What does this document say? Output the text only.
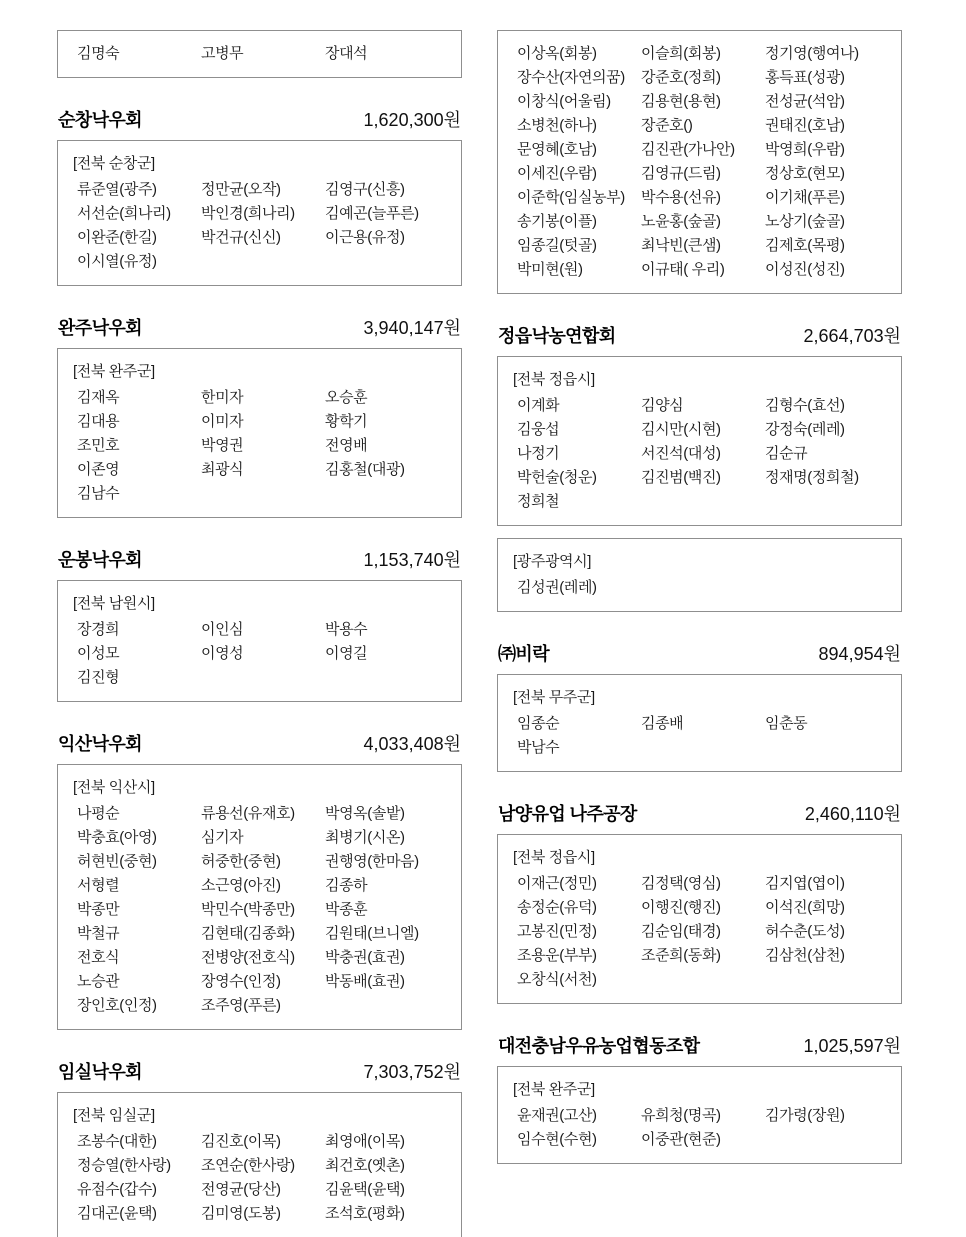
김명숙	고병무	장대석
순창낙우회	1,620,300원
[전북 순창군]
류준열(광주)	정만균(오작)	김영구(신흥)
서선순(희나리)	박인경(희나리)	김예곤(늘푸른)
이완준(한길)	박건규(신신)	이근용(유정)
이시열(유정)
완주낙우회	3,940,147원
[전북 완주군]
김재옥	한미자	오승훈
김대용	이미자	황학기
조민호	박영권	전영배
이존영	최광식	김홍철(대광)
김남수
운봉낙우회	1,153,740원
[전북 남원시]
장경희	이인심	박용수
이성모	이영성	이영길
김진형
익산낙우회	4,033,408원
[전북 익산시]
나평순	류용선(유재호)	박영옥(솔밭)
박충효(아영)	심기자	최병기(시온)
허현빈(중현)	허중한(중현)	권행영(한마음)
서형렬	소근영(아진)	김종하
박종만	박민수(박종만)	박종훈
박철규	김현태(김종화)	김원태(브니엘)
전호식	전병양(전호식)	박충권(효권)
노승관	장영수(인정)	박동배(효권)
장인호(인정)	조주영(푸른)
임실낙우회	7,303,752원
[전북 임실군]
조봉수(대한)	김진호(이목)	최영애(이목)
정승열(한사랑)	조연순(한사랑)	최건호(옛촌)
유점수(갑수)	전영균(당산)	김윤택(윤택)
김대곤(윤택)	김미영(도봉)	조석호(평화)
이상옥(회봉)	이슬희(회봉)	정기영(행여나)
장수산(자연의꿈)	강준호(정희)	홍득표(성광)
이창식(어울림)	김용현(용현)	전성균(석암)
소병천(하나)	장준호()	권태진(호남)
문영혜(호남)	김진관(가나안)	박영희(우람)
이세진(우람)	김영규(드림)	정상호(현모)
이준학(임실농부)	박수용(선유)	이기채(푸른)
송기봉(이플)	노윤홍(숲골)	노상기(숲골)
임종길(텃골)	최낙빈(큰샘)	김제호(목평)
박미현(원)	이규태( 우리)	이성진(성진)
정읍낙농연합회	2,664,703원
[전북 정읍시]
이계화	김양심	김형수(효선)
김웅섭	김시만(시현)	강정숙(레레)
나정기	서진석(대성)	김순규
박헌술(청운)	김진범(백진)	정재명(정희철)
정희철
[광주광역시]
김성권(레레)
㈜비락	894,954원
[전북 무주군]
임종순	김종배	임춘동
박남수
남양유업 나주공장	2,460,110원
[전북 정읍시]
이재근(정민)	김정택(영심)	김지엽(엽이)
송정순(유덕)	이행진(행진)	이석진(희망)
고봉진(민정)	김순임(태경)	허수춘(도성)
조용운(부부)	조준희(동화)	김삼천(삼천)
오창식(서천)
대전충남우유농업협동조합	1,025,597원
[전북 완주군]
윤재권(고산)	유희청(명곡)	김가령(장원)
임수현(수현)	이중관(현준)
